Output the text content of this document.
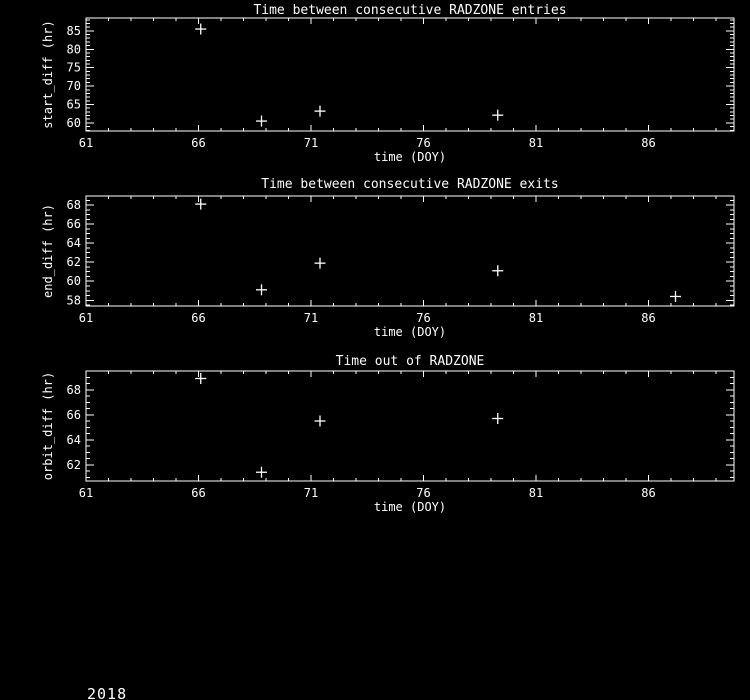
Time between consecutive RADZONE entries
time (DOY)
start_diff (hr)
61	66	71	76	81	86
60
65
70
75
80
85
Time between consecutive RADZONE exits
time (DOY)
end_diff (hr)
61	66	71	76	81	86
58
60
62
64
66
68
Time out of RADZONE
time (DOY)
orbit_diff (hr)
61	66	71	76	81	86
62
64
66
68
2018
